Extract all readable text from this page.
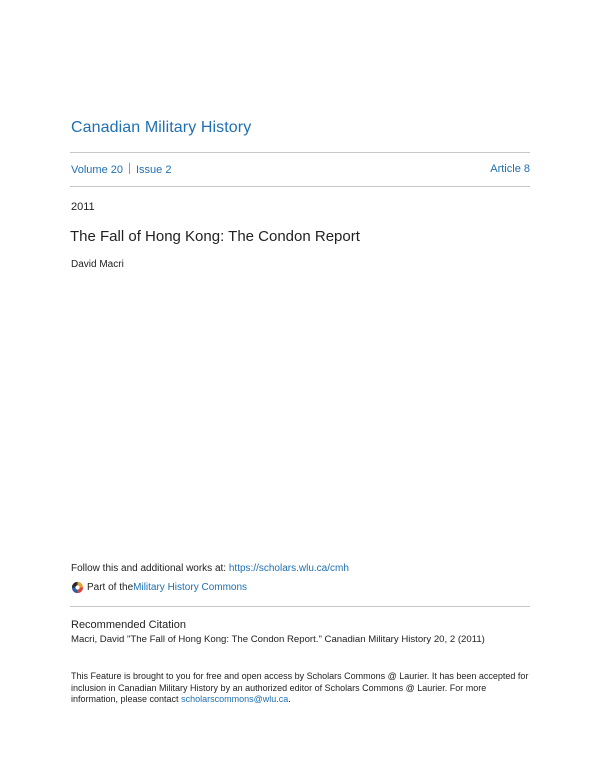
Canadian Military History
Volume 20 Issue 2	Article 8
2011
The Fall of Hong Kong: The Condon Report
David Macri
Follow this and additional works at: https://scholars.wlu.ca/cmh
Part of the Military History Commons
Recommended Citation
Macri, David "The Fall of Hong Kong: The Condon Report." Canadian Military History 20, 2 (2011)
This Feature is brought to you for free and open access by Scholars Commons @ Laurier. It has been accepted for inclusion in Canadian Military History by an authorized editor of Scholars Commons @ Laurier. For more information, please contact scholarscommons@wlu.ca.
